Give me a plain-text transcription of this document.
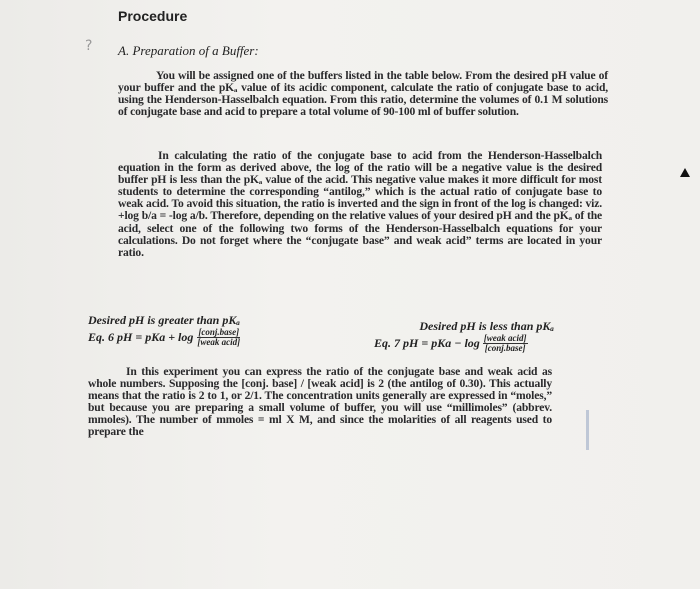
Procedure
? A. Preparation of a Buffer:
You will be assigned one of the buffers listed in the table below. From the desired pH value of your buffer and the pKₐ value of its acidic component, calculate the ratio of conjugate base to acid, using the Henderson-Hasselbalch equation. From this ratio, determine the volumes of 0.1 M solutions of conjugate base and acid to prepare a total volume of 90-100 ml of buffer solution.
In calculating the ratio of the conjugate base to acid from the Henderson-Hasselbalch equation in the form as derived above, the log of the ratio will be a negative value is the desired buffer pH is less than the pKₐ value of the acid. This negative value makes it more difficult for most students to determine the corresponding “antilog,” which is the actual ratio of conjugate base to weak acid. To avoid this situation, the ratio is inverted and the sign in front of the log is changed: viz. +log b/a = -log a/b. Therefore, depending on the relative values of your desired pH and the pKₐ of the acid, select one of the following two forms of the Henderson-Hasselbalch equations for your calculations. Do not forget where the “conjugate base” and weak acid” terms are located in your ratio.
Desired pH is greater than pKₐ
Eq. 6
pH = pKa + $\log \frac{\text{[conj.base]}}{\text{[weak acid]}}$
Desired pH is less than pKₐ
Eq. 7
pH = pKa − $\log \frac{\text{[weak acid]}}{\text{[conj.base]}}$
In this experiment you can express the ratio of the conjugate base and weak acid as whole numbers. Supposing the [conj. base] / [weak acid] is 2 (the antilog of 0.30). This actually means that the ratio is 2 to 1, or 2/1. The concentration units generally are expressed in “moles,” but because you are preparing a small volume of buffer, you will use “millimoles” (abbrev. mmoles). The number of mmoles = ml X M, and since the molarities of all reagents used to prepare the
